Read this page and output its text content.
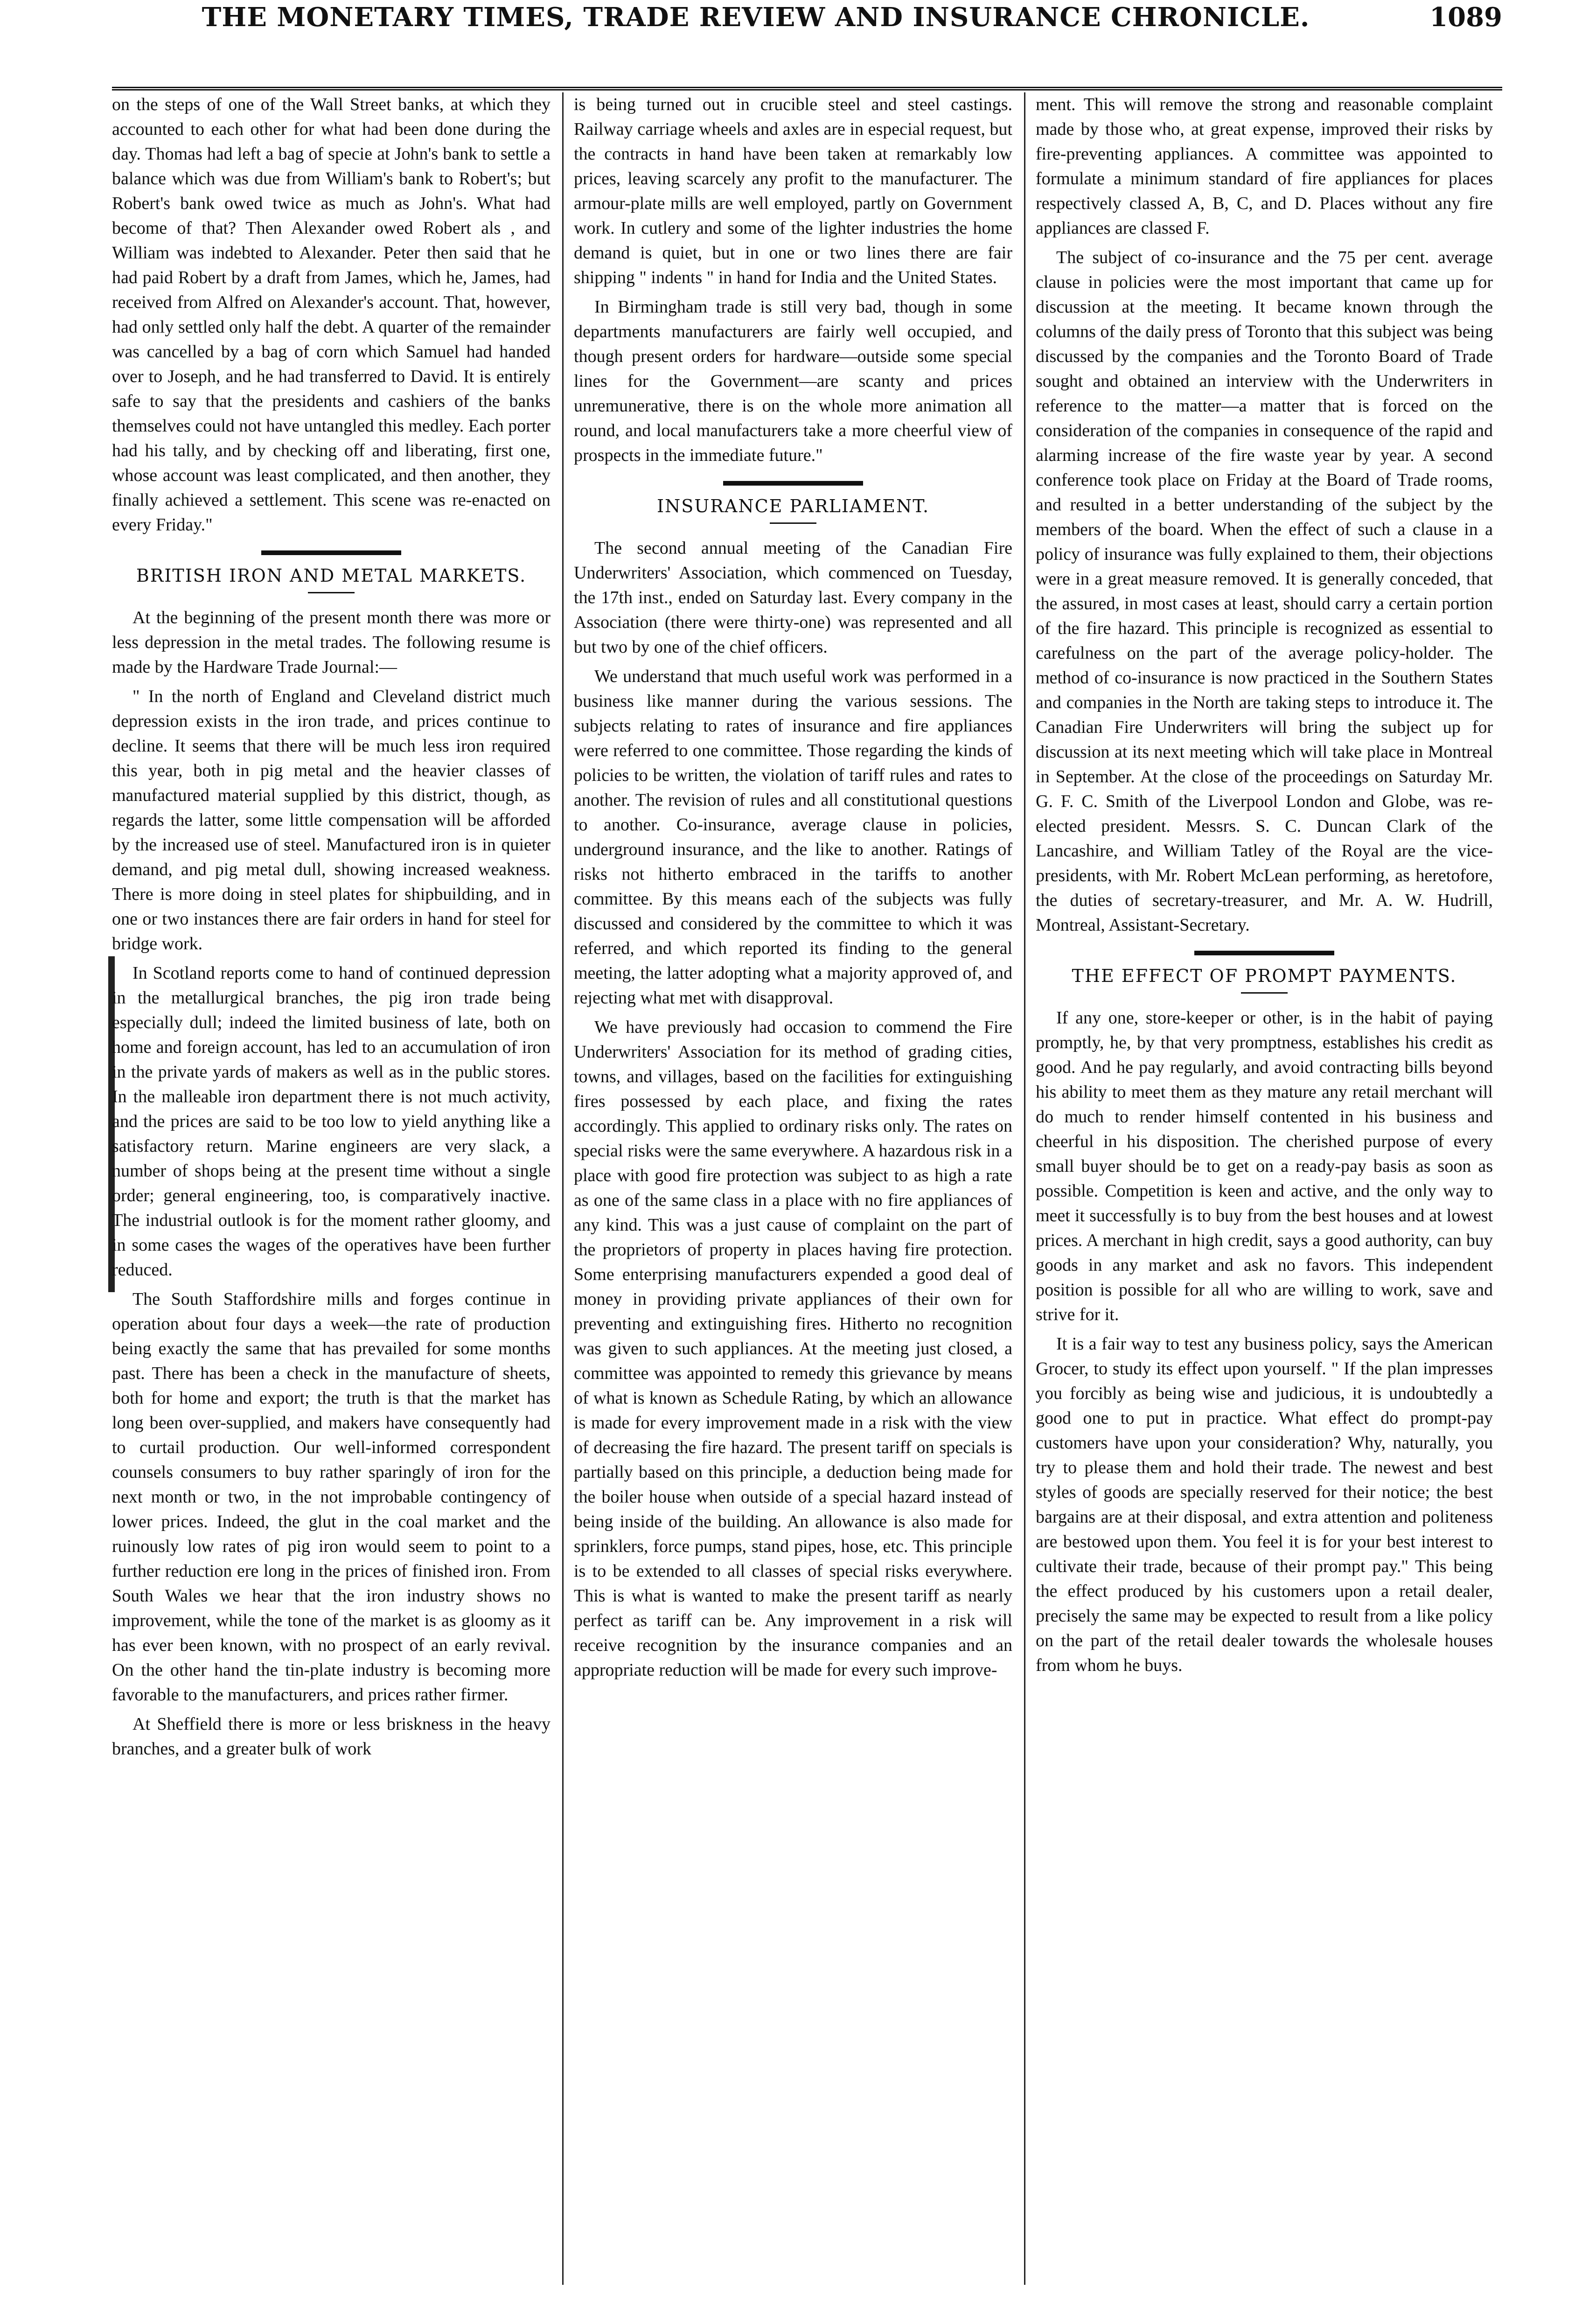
THE MONETARY TIMES, TRADE REVIEW AND INSURANCE CHRONICLE.	1089

on the steps of one of the Wall Street banks, at which they accounted to each other for what had been done during the day. Thomas had left a bag of specie at John's bank to settle a balance which was due from William's bank to Robert's; but Robert's bank owed twice as much as John's. What had become of that? Then Alexander owed Robert als , and William was indebted to Alexander. Peter then said that he had paid Robert by a draft from James, which he, James, had received from Alfred on Alexander's account. That, however, had only settled only half the debt. A quarter of the remainder was cancelled by a bag of corn which Samuel had handed over to Joseph, and he had transferred to David. It is entirely safe to say that the presidents and cashiers of the banks themselves could not have untangled this medley. Each porter had his tally, and by checking off and liberating, first one, whose account was least complicated, and then another, they finally achieved a settlement. This scene was re-enacted on every Friday."

BRITISH IRON AND METAL MARKETS.

At the beginning of the present month there was more or less depression in the metal trades. The following resume is made by the Hardware Trade Journal:—

" In the north of England and Cleveland district much depression exists in the iron trade, and prices continue to decline. It seems that there will be much less iron required this year, both in pig metal and the heavier classes of manufactured material supplied by this district, though, as regards the latter, some little compensation will be afforded by the increased use of steel. Manufactured iron is in quieter demand, and pig metal dull, showing increased weakness. There is more doing in steel plates for shipbuilding, and in one or two instances there are fair orders in hand for steel for bridge work.

In Scotland reports come to hand of continued depression in the metallurgical branches, the pig iron trade being especially dull; indeed the limited business of late, both on home and foreign account, has led to an accumulation of iron in the private yards of makers as well as in the public stores. In the malleable iron department there is not much activity, and the prices are said to be too low to yield anything like a satisfactory return. Marine engineers are very slack, a number of shops being at the present time without a single order; general engineering, too, is comparatively inactive. The industrial outlook is for the moment rather gloomy, and in some cases the wages of the operatives have been further reduced.

The South Staffordshire mills and forges continue in operation about four days a week—the rate of production being exactly the same that has prevailed for some months past. There has been a check in the manufacture of sheets, both for home and export; the truth is that the market has long been over-supplied, and makers have consequently had to curtail production. Our well-informed correspondent counsels consumers to buy rather sparingly of iron for the next month or two, in the not improbable contingency of lower prices. Indeed, the glut in the coal market and the ruinously low rates of pig iron would seem to point to a further reduction ere long in the prices of finished iron. From South Wales we hear that the iron industry shows no improvement, while the tone of the market is as gloomy as it has ever been known, with no prospect of an early revival. On the other hand the tin-plate industry is becoming more favorable to the manufacturers, and prices rather firmer.

At Sheffield there is more or less briskness in the heavy branches, and a greater bulk of work

is being turned out in crucible steel and steel castings. Railway carriage wheels and axles are in especial request, but the contracts in hand have been taken at remarkably low prices, leaving scarcely any profit to the manufacturer. The armour-plate mills are well employed, partly on Government work. In cutlery and some of the lighter industries the home demand is quiet, but in one or two lines there are fair shipping " indents " in hand for India and the United States.

In Birmingham trade is still very bad, though in some departments manufacturers are fairly well occupied, and though present orders for hardware—outside some special lines for the Government—are scanty and prices unremunerative, there is on the whole more animation all round, and local manufacturers take a more cheerful view of prospects in the immediate future."

INSURANCE PARLIAMENT.

The second annual meeting of the Canadian Fire Underwriters' Association, which commenced on Tuesday, the 17th inst., ended on Saturday last. Every company in the Association (there were thirty-one) was represented and all but two by one of the chief officers.

We understand that much useful work was performed in a business like manner during the various sessions. The subjects relating to rates of insurance and fire appliances were referred to one committee. Those regarding the kinds of policies to be written, the violation of tariff rules and rates to another. The revision of rules and all constitutional questions to another. Co-insurance, average clause in policies, underground insurance, and the like to another. Ratings of risks not hitherto embraced in the tariffs to another committee. By this means each of the subjects was fully discussed and considered by the committee to which it was referred, and which reported its finding to the general meeting, the latter adopting what a majority approved of, and rejecting what met with disapproval.

We have previously had occasion to commend the Fire Underwriters' Association for its method of grading cities, towns, and villages, based on the facilities for extinguishing fires possessed by each place, and fixing the rates accordingly. This applied to ordinary risks only. The rates on special risks were the same everywhere. A hazardous risk in a place with good fire protection was subject to as high a rate as one of the same class in a place with no fire appliances of any kind. This was a just cause of complaint on the part of the proprietors of property in places having fire protection. Some enterprising manufacturers expended a good deal of money in providing private appliances of their own for preventing and extinguishing fires. Hitherto no recognition was given to such appliances. At the meeting just closed, a committee was appointed to remedy this grievance by means of what is known as Schedule Rating, by which an allowance is made for every improvement made in a risk with the view of decreasing the fire hazard. The present tariff on specials is partially based on this principle, a deduction being made for the boiler house when outside of a special hazard instead of being inside of the building. An allowance is also made for sprinklers, force pumps, stand pipes, hose, etc. This principle is to be extended to all classes of special risks everywhere. This is what is wanted to make the present tariff as nearly perfect as tariff can be. Any improvement in a risk will receive recognition by the insurance companies and an appropriate reduction will be made for every such improve-

ment. This will remove the strong and reasonable complaint made by those who, at great expense, improved their risks by fire-preventing appliances. A committee was appointed to formulate a minimum standard of fire appliances for places respectively classed A, B, C, and D. Places without any fire appliances are classed F.

The subject of co-insurance and the 75 per cent. average clause in policies were the most important that came up for discussion at the meeting. It became known through the columns of the daily press of Toronto that this subject was being discussed by the companies and the Toronto Board of Trade sought and obtained an interview with the Underwriters in reference to the matter—a matter that is forced on the consideration of the companies in consequence of the rapid and alarming increase of the fire waste year by year. A second conference took place on Friday at the Board of Trade rooms, and resulted in a better understanding of the subject by the members of the board. When the effect of such a clause in a policy of insurance was fully explained to them, their objections were in a great measure removed. It is generally conceded, that the assured, in most cases at least, should carry a certain portion of the fire hazard. This principle is recognized as essential to carefulness on the part of the average policy-holder. The method of co-insurance is now practiced in the Southern States and companies in the North are taking steps to introduce it. The Canadian Fire Underwriters will bring the subject up for discussion at its next meeting which will take place in Montreal in September. At the close of the proceedings on Saturday Mr. G. F. C. Smith of the Liverpool London and Globe, was re-elected president. Messrs. S. C. Duncan Clark of the Lancashire, and William Tatley of the Royal are the vice-presidents, with Mr. Robert McLean performing, as heretofore, the duties of secretary-treasurer, and Mr. A. W. Hudrill, Montreal, Assistant-Secretary.

THE EFFECT OF PROMPT PAYMENTS.

If any one, store-keeper or other, is in the habit of paying promptly, he, by that very promptness, establishes his credit as good. And he pay regularly, and avoid contracting bills beyond his ability to meet them as they mature any retail merchant will do much to render himself contented in his business and cheerful in his disposition. The cherished purpose of every small buyer should be to get on a ready-pay basis as soon as possible. Competition is keen and active, and the only way to meet it successfully is to buy from the best houses and at lowest prices. A merchant in high credit, says a good authority, can buy goods in any market and ask no favors. This independent position is possible for all who are willing to work, save and strive for it.

It is a fair way to test any business policy, says the American Grocer, to study its effect upon yourself. " If the plan impresses you forcibly as being wise and judicious, it is undoubtedly a good one to put in practice. What effect do prompt-pay customers have upon your consideration? Why, naturally, you try to please them and hold their trade. The newest and best styles of goods are specially reserved for their notice; the best bargains are at their disposal, and extra attention and politeness are bestowed upon them. You feel it is for your best interest to cultivate their trade, because of their prompt pay." This being the effect produced by his customers upon a retail dealer, precisely the same may be expected to result from a like policy on the part of the retail dealer towards the wholesale houses from whom he buys.
